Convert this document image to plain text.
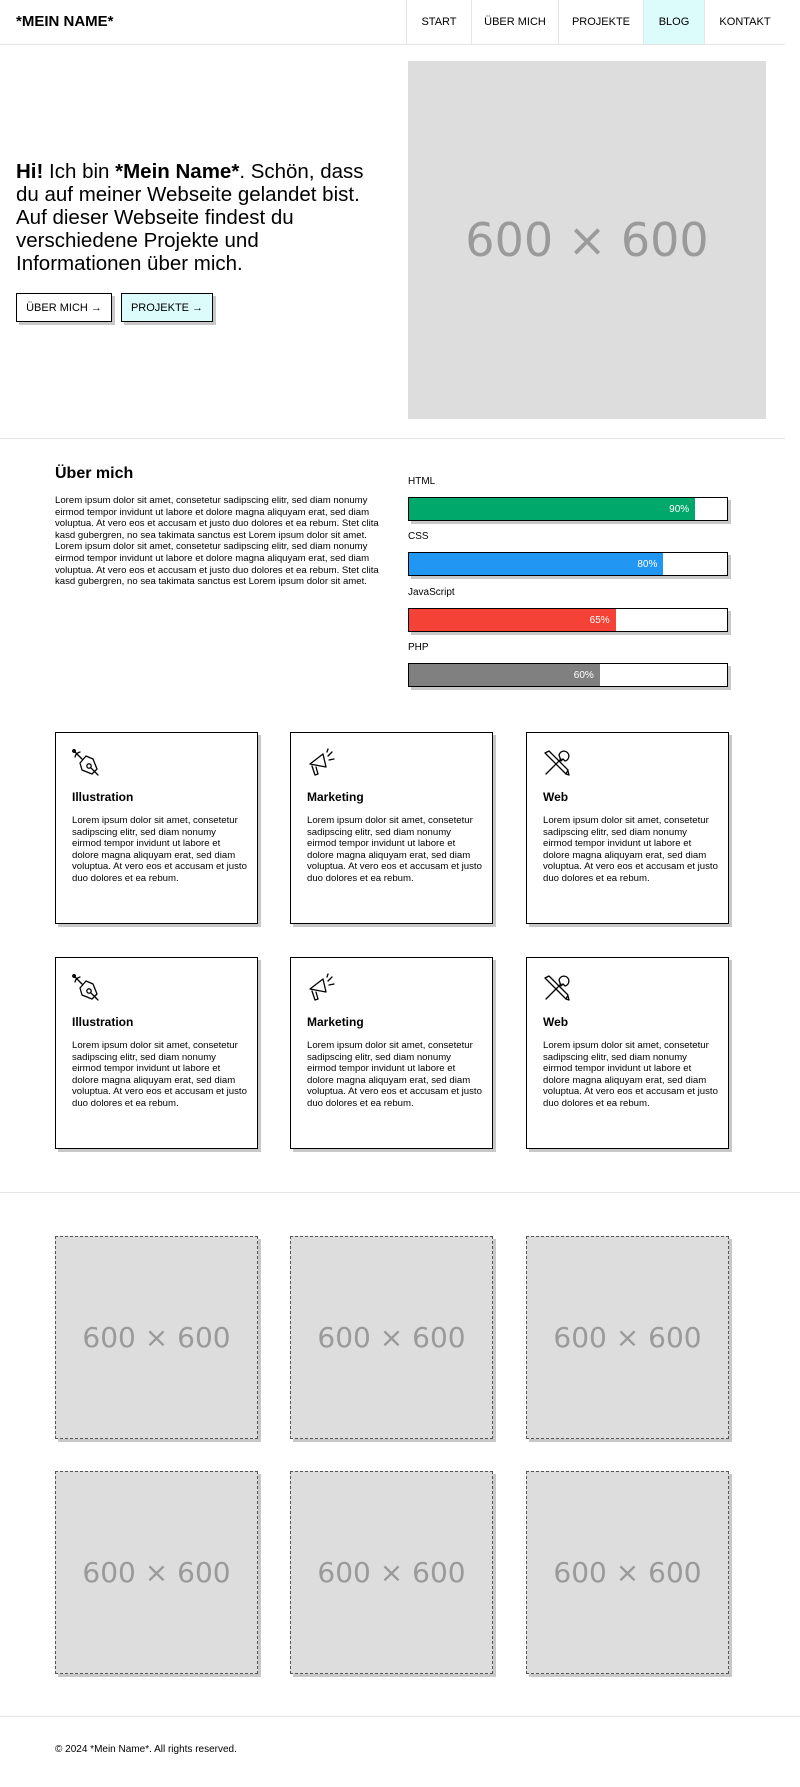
*MEIN NAME*	START	ÜBER MICH	PROJEKTE	BLOG	KONTAKT
Hi! Ich bin *Mein Name*. Schön, dass du auf meiner Webseite gelandet bist. Auf dieser Webseite findest du verschiedene Projekte und Informationen über mich.
ÜBER MICH →	PROJEKTE →
600 × 600
Über mich
Lorem ipsum dolor sit amet, consetetur sadipscing elitr, sed diam nonumy eirmod tempor invidunt ut labore et dolore magna aliquyam erat, sed diam voluptua. At vero eos et accusam et justo duo dolores et ea rebum. Stet clita kasd gubergren, no sea takimata sanctus est Lorem ipsum dolor sit amet. Lorem ipsum dolor sit amet, consetetur sadipscing elitr, sed diam nonumy eirmod tempor invidunt ut labore et dolore magna aliquyam erat, sed diam voluptua. At vero eos et accusam et justo duo dolores et ea rebum. Stet clita kasd gubergren, no sea takimata sanctus est Lorem ipsum dolor sit amet.
HTML
90%
CSS
80%
JavaScript
65%
PHP
60%
Illustration
Lorem ipsum dolor sit amet, consetetur sadipscing elitr, sed diam nonumy eirmod tempor invidunt ut labore et dolore magna aliquyam erat, sed diam voluptua. At vero eos et accusam et justo duo dolores et ea rebum.
Marketing
Lorem ipsum dolor sit amet, consetetur sadipscing elitr, sed diam nonumy eirmod tempor invidunt ut labore et dolore magna aliquyam erat, sed diam voluptua. At vero eos et accusam et justo duo dolores et ea rebum.
Web
Lorem ipsum dolor sit amet, consetetur sadipscing elitr, sed diam nonumy eirmod tempor invidunt ut labore et dolore magna aliquyam erat, sed diam voluptua. At vero eos et accusam et justo duo dolores et ea rebum.
Illustration
Lorem ipsum dolor sit amet, consetetur sadipscing elitr, sed diam nonumy eirmod tempor invidunt ut labore et dolore magna aliquyam erat, sed diam voluptua. At vero eos et accusam et justo duo dolores et ea rebum.
Marketing
Lorem ipsum dolor sit amet, consetetur sadipscing elitr, sed diam nonumy eirmod tempor invidunt ut labore et dolore magna aliquyam erat, sed diam voluptua. At vero eos et accusam et justo duo dolores et ea rebum.
Web
Lorem ipsum dolor sit amet, consetetur sadipscing elitr, sed diam nonumy eirmod tempor invidunt ut labore et dolore magna aliquyam erat, sed diam voluptua. At vero eos et accusam et justo duo dolores et ea rebum.
600 × 600	600 × 600	600 × 600
600 × 600	600 × 600	600 × 600
© 2024 *Mein Name*. All rights reserved.
